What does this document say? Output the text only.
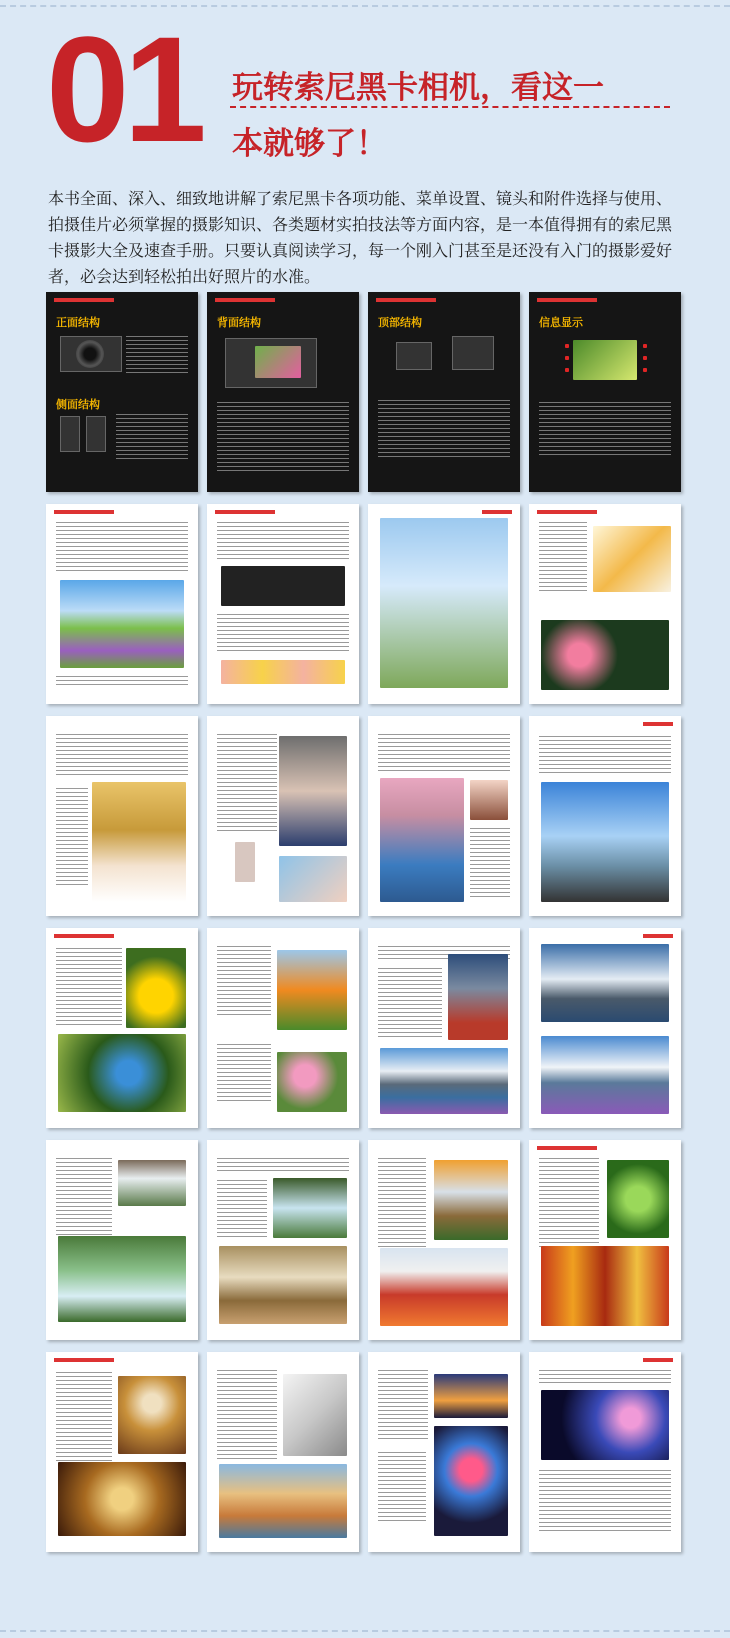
01 玩转索尼黑卡相机，看这一
本就够了！
本书全面、深入、细致地讲解了索尼黑卡各项功能、菜单设置、镜头和附件选择与使用、拍摄佳片必须掌握的摄影知识、各类题材实拍技法等方面内容，是一本值得拥有的索尼黑卡摄影大全及速查手册。只要认真阅读学习，每一个刚入门甚至是还没有入门的摄影爱好者，必会达到轻松拍出好照片的水准。
正面结构
侧面结构
背面结构	顶部结构	信息显示
